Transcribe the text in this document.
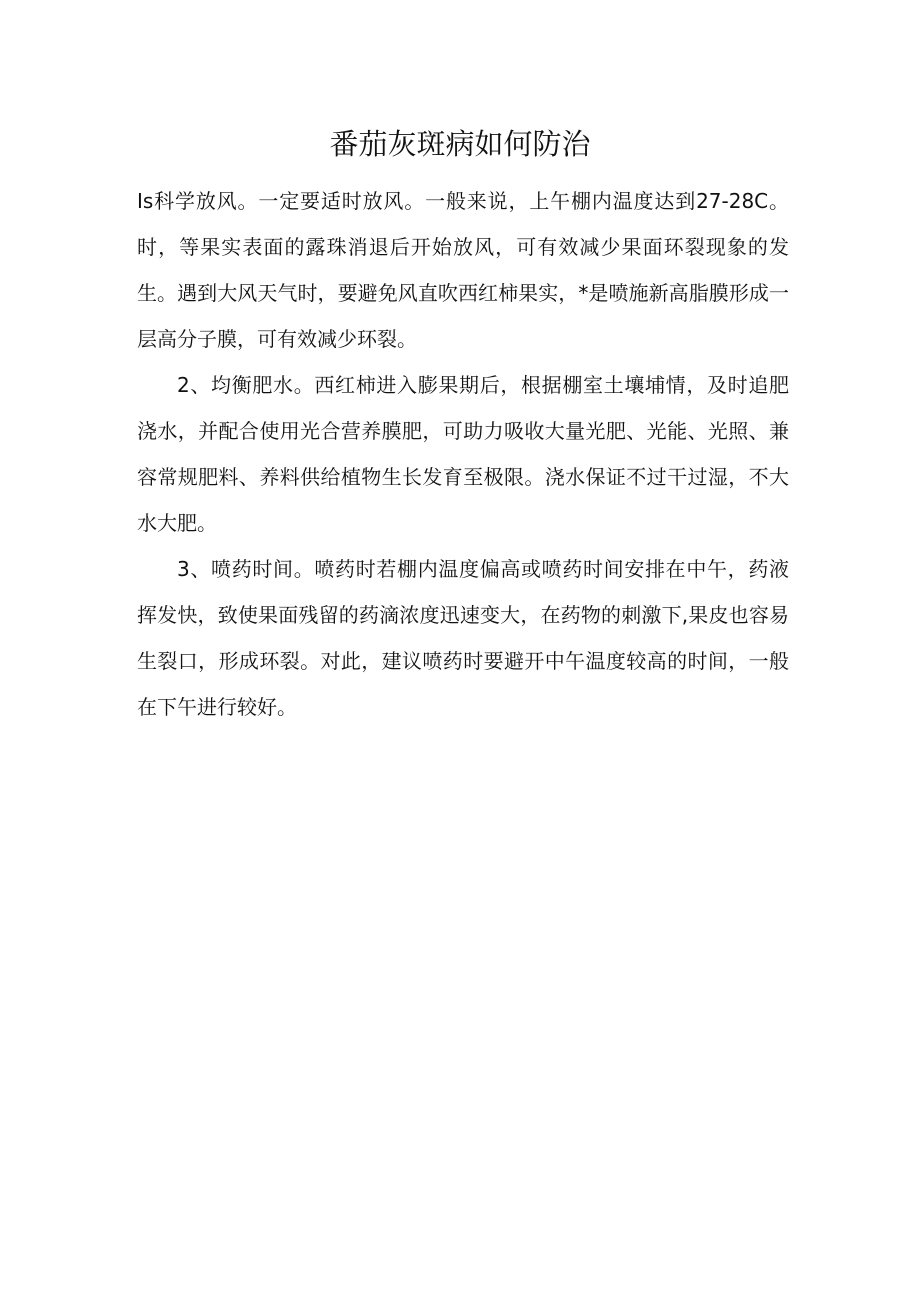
番茄灰斑病如何防治

Is科学放风。一定要适时放风。一般来说，上午棚内温度达到27-28C。时，等果实表面的露珠消退后开始放风，可有效减少果面环裂现象的发生。遇到大风天气时，要避免风直吹西红柿果实，*是喷施新高脂膜形成一层高分子膜，可有效减少环裂。

2、均衡肥水。西红柿进入膨果期后，根据棚室土壤埔情，及时追肥浇水，并配合使用光合营养膜肥，可助力吸收大量光肥、光能、光照、兼容常规肥料、养料供给植物生长发育至极限。浇水保证不过干过湿，不大水大肥。

3、喷药时间。喷药时若棚内温度偏高或喷药时间安排在中午，药液挥发快，致使果面残留的药滴浓度迅速变大，在药物的刺激下,果皮也容易生裂口，形成环裂。对此，建议喷药时要避开中午温度较高的时间，一般在下午进行较好。
